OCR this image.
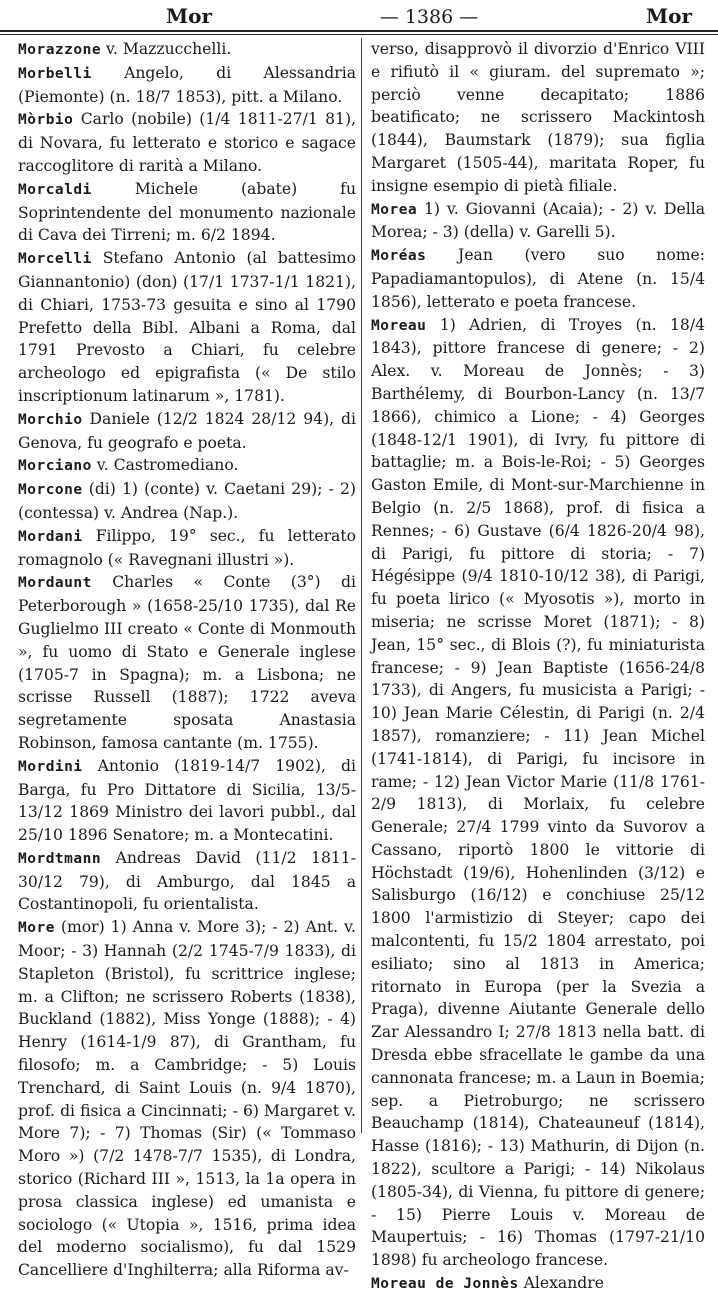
Mor	— 1386 —	Mor

Morazzone v. Mazzucchelli.

Morbelli Angelo, di Alessandria (Piemonte) (n. 18/7 1853), pitt. a Milano.

Mòrbio Carlo (nobile) (1/4 1811-27/1 81), di Novara, fu letterato e storico e sagace raccoglitore di rarità a Milano.

Morcaldi Michele (abate) fu Soprintendente del monumento nazionale di Cava dei Tirreni; m. 6/2 1894.

Morcelli Stefano Antonio (al battesimo Giannantonio) (don) (17/1 1737-1/1 1821), di Chiari, 1753-73 gesuita e sino al 1790 Prefetto della Bibl. Albani a Roma, dal 1791 Prevosto a Chiari, fu celebre archeologo ed epigrafista (« De stilo inscriptionum latinarum », 1781).

Morchio Daniele (12/2 1824 28/12 94), di Genova, fu geografo e poeta.

Morciano v. Castromediano.

Morcone (di) 1) (conte) v. Caetani 29); - 2) (contessa) v. Andrea (Nap.).

Mordani Filippo, 19° sec., fu letterato romagnolo (« Ravegnani illustri »).

Mordaunt Charles « Conte (3°) di Peterborough » (1658-25/10 1735), dal Re Guglielmo III creato « Conte di Monmouth », fu uomo di Stato e Generale inglese (1705-7 in Spagna); m. a Lisbona; ne scrisse Russell (1887); 1722 aveva segretamente sposata Anastasia Robinson, famosa cantante (m. 1755).

Mordini Antonio (1819-14/7 1902), di Barga, fu Pro Dittatore di Sicilia, 13/5-13/12 1869 Ministro dei lavori pubbl., dal 25/10 1896 Senatore; m. a Montecatini.

Mordtmann Andreas David (11/2 1811-30/12 79), di Amburgo, dal 1845 a Costantinopoli, fu orientalista.

More (mor) 1) Anna v. More 3); - 2) Ant. v. Moor; - 3) Hannah (2/2 1745-7/9 1833), di Stapleton (Bristol), fu scrittrice inglese; m. a Clifton; ne scrissero Roberts (1838), Buckland (1882), Miss Yonge (1888); - 4) Henry (1614-1/9 87), di Grantham, fu filosofo; m. a Cambridge; - 5) Louis Trenchard, di Saint Louis (n. 9/4 1870), prof. di fisica a Cincinnati; - 6) Margaret v. More 7); - 7) Thomas (Sir) (« Tommaso Moro ») (7/2 1478-7/7 1535), di Londra, storico (Richard III », 1513, la 1a opera in prosa classica inglese) ed umanista e sociologo (« Utopia », 1516, prima idea del moderno socialismo), fu dal 1529 Cancelliere d'Inghilterra; alla Riforma av-

verso, disapprovò il divorzio d'Enrico VIII e rifiutò il « giuram. del supremato »; perciò venne decapitato; 1886 beatificato; ne scrissero Mackintosh (1844), Baumstark (1879); sua figlia Margaret (1505-44), maritata Roper, fu insigne esempio di pietà filiale.

Morea 1) v. Giovanni (Acaia); - 2) v. Della Morea; - 3) (della) v. Garelli 5).

Moréas Jean (vero suo nome: Papadiamantopulos), di Atene (n. 15/4 1856), letterato e poeta francese.

Moreau 1) Adrien, di Troyes (n. 18/4 1843), pittore francese di genere; - 2) Alex. v. Moreau de Jonnès; - 3) Barthélemy, di Bourbon-Lancy (n. 13/7 1866), chimico a Lione; - 4) Georges (1848-12/1 1901), di Ivry, fu pittore di battaglie; m. a Bois-le-Roi; - 5) Georges Gaston Emile, di Mont-sur-Marchienne in Belgio (n. 2/5 1868), prof. di fisica a Rennes; - 6) Gustave (6/4 1826-20/4 98), di Parigi, fu pittore di storia; - 7) Hégésippe (9/4 1810-10/12 38), di Parigi, fu poeta lirico (« Myosotis »), morto in miseria; ne scrisse Moret (1871); - 8) Jean, 15° sec., di Blois (?), fu miniaturista francese; - 9) Jean Baptiste (1656-24/8 1733), di Angers, fu musicista a Parigi; - 10) Jean Marie Célestin, di Parigi (n. 2/4 1857), romanziere; - 11) Jean Michel (1741-1814), di Parigi, fu incisore in rame; - 12) Jean Victor Marie (11/8 1761-2/9 1813), di Morlaix, fu celebre Generale; 27/4 1799 vinto da Suvorov a Cassano, riportò 1800 le vittorie di Höchstadt (19/6), Hohenlinden (3/12) e Salisburgo (16/12) e conchiuse 25/12 1800 l'armistizio di Steyer; capo dei malcontenti, fu 15/2 1804 arrestato, poi esiliato; sino al 1813 in America; ritornato in Europa (per la Svezia a Praga), divenne Aiutante Generale dello Zar Alessandro I; 27/8 1813 nella batt. di Dresda ebbe sfracellate le gambe da una cannonata francese; m. a Laun in Boemia; sep. a Pietroburgo; ne scrissero Beauchamp (1814), Chateauneuf (1814), Hasse (1816); - 13) Mathurin, di Dijon (n. 1822), scultore a Parigi; - 14) Nikolaus (1805-34), di Vienna, fu pittore di genere; - 15) Pierre Louis v. Moreau de Maupertuis; - 16) Thomas (1797-21/10 1898) fu archeologo francese.

Moreau de Jonnès Alexandre
